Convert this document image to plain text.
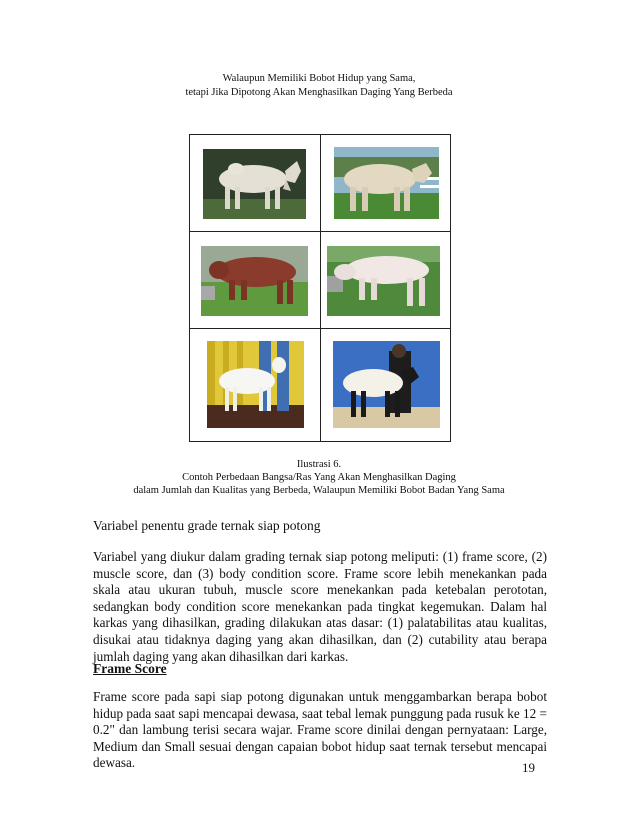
Walaupun Memiliki Bobot Hidup yang Sama,
tetapi Jika Dipotong Akan Menghasilkan Daging Yang Berbeda
Ilustrasi 6.
Contoh Perbedaan Bangsa/Ras Yang Akan Menghasilkan Daging
dalam Jumlah dan Kualitas yang Berbeda, Walaupun Memiliki Bobot Badan Yang Sama
Variabel penentu grade ternak siap potong
Variabel yang diukur dalam grading ternak siap potong meliputi: (1) frame score, (2) muscle score, dan (3) body condition score. Frame score lebih menekankan pada skala atau ukuran tubuh, muscle score menekankan pada ketebalan perototan, sedangkan body condition score menekankan pada tingkat kegemukan. Dalam hal karkas yang dihasilkan, grading dilakukan atas dasar: (1) palatabilitas atau kualitas, disukai atau tidaknya daging yang akan dihasilkan, dan (2) cutability atau berapa jumlah daging yang akan dihasilkan dari karkas.
Frame Score
Frame score pada sapi siap potong digunakan untuk menggambarkan berapa bobot hidup pada saat sapi mencapai dewasa, saat tebal lemak punggung pada rusuk ke 12 = 0.2" dan lambung terisi secara wajar. Frame score dinilai dengan pernyataan: Large, Medium dan Small sesuai dengan capaian bobot hidup saat ternak tersebut mencapai dewasa.	19
